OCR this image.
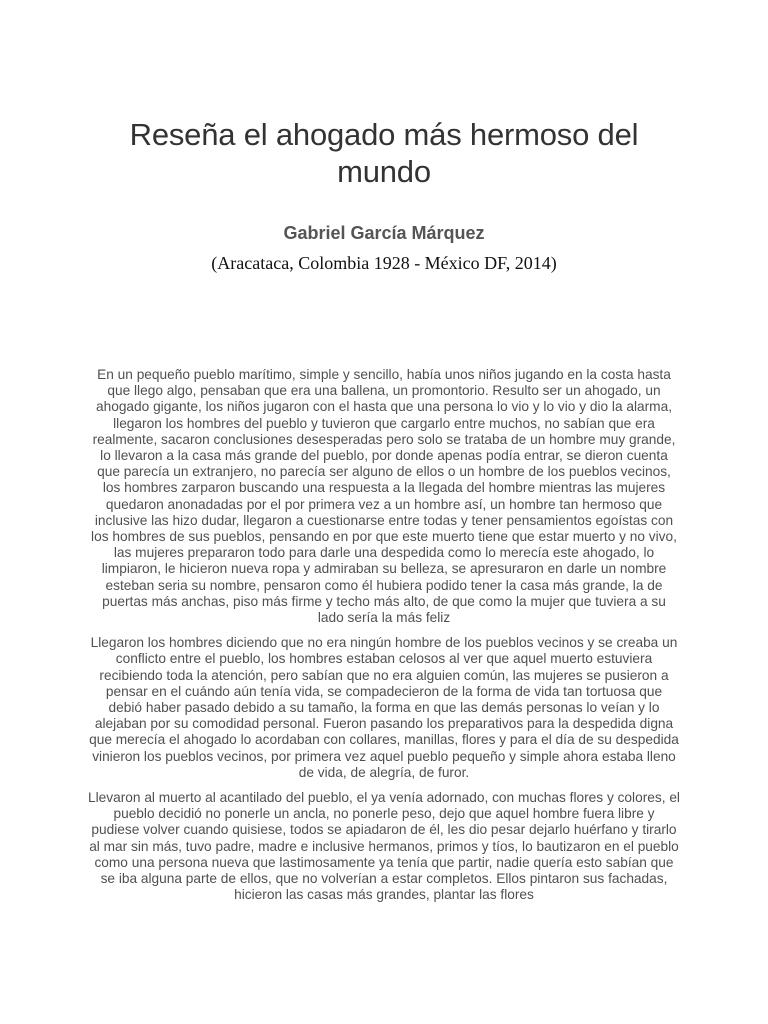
Reseña el ahogado más hermoso del mundo
Gabriel García Márquez
(Aracataca, Colombia 1928 - México DF, 2014)

En un pequeño pueblo marítimo, simple y sencillo, había unos niños jugando en la costa hasta que llego algo, pensaban que era una ballena, un promontorio. Resulto ser un ahogado, un ahogado gigante, los niños jugaron con el hasta que una persona lo vio y lo vio y dio la alarma, llegaron los hombres del pueblo y tuvieron que cargarlo entre muchos, no sabían que era realmente, sacaron conclusiones desesperadas pero solo se trataba de un hombre muy grande, lo llevaron a la casa más grande del pueblo, por donde apenas podía entrar, se dieron cuenta que parecía un extranjero, no parecía ser alguno de ellos o un hombre de los pueblos vecinos, los hombres zarparon buscando una respuesta a la llegada del hombre mientras las mujeres quedaron anonadadas por el por primera vez a un hombre así, un hombre tan hermoso que inclusive las hizo dudar, llegaron a cuestionarse entre todas y tener pensamientos egoístas con los hombres de sus pueblos, pensando en por que este muerto tiene que estar muerto y no vivo, las mujeres prepararon todo para darle una despedida como lo merecía este ahogado, lo limpiaron, le hicieron nueva ropa y admiraban su belleza, se apresuraron en darle un nombre esteban seria su nombre, pensaron como él hubiera podido tener la casa más grande, la de puertas más anchas, piso más firme y techo más alto, de que como la mujer que tuviera a su lado sería la más feliz

Llegaron los hombres diciendo que no era ningún hombre de los pueblos vecinos y se creaba un conflicto entre el pueblo, los hombres estaban celosos al ver que aquel muerto estuviera recibiendo toda la atención, pero sabían que no era alguien común, las mujeres se pusieron a pensar en el cuándo aún tenía vida, se compadecieron de la forma de vida tan tortuosa que debió haber pasado debido a su tamaño, la forma en que las demás personas lo veían y lo alejaban por su comodidad personal. Fueron pasando los preparativos para la despedida digna que merecía el ahogado lo acordaban con collares, manillas, flores y para el día de su despedida vinieron los pueblos vecinos, por primera vez aquel pueblo pequeño y simple ahora estaba lleno de vida, de alegría, de furor.

Llevaron al muerto al acantilado del pueblo, el ya venía adornado, con muchas flores y colores, el pueblo decidió no ponerle un ancla, no ponerle peso, dejo que aquel hombre fuera libre y pudiese volver cuando quisiese, todos se apiadaron de él, les dio pesar dejarlo huérfano y tirarlo al mar sin más, tuvo padre, madre e inclusive hermanos, primos y tíos, lo bautizaron en el pueblo como una persona nueva que lastimosamente ya tenía que partir, nadie quería esto sabían que se iba alguna parte de ellos, que no volverían a estar completos. Ellos pintaron sus fachadas, hicieron las casas más grandes, plantar las flores
